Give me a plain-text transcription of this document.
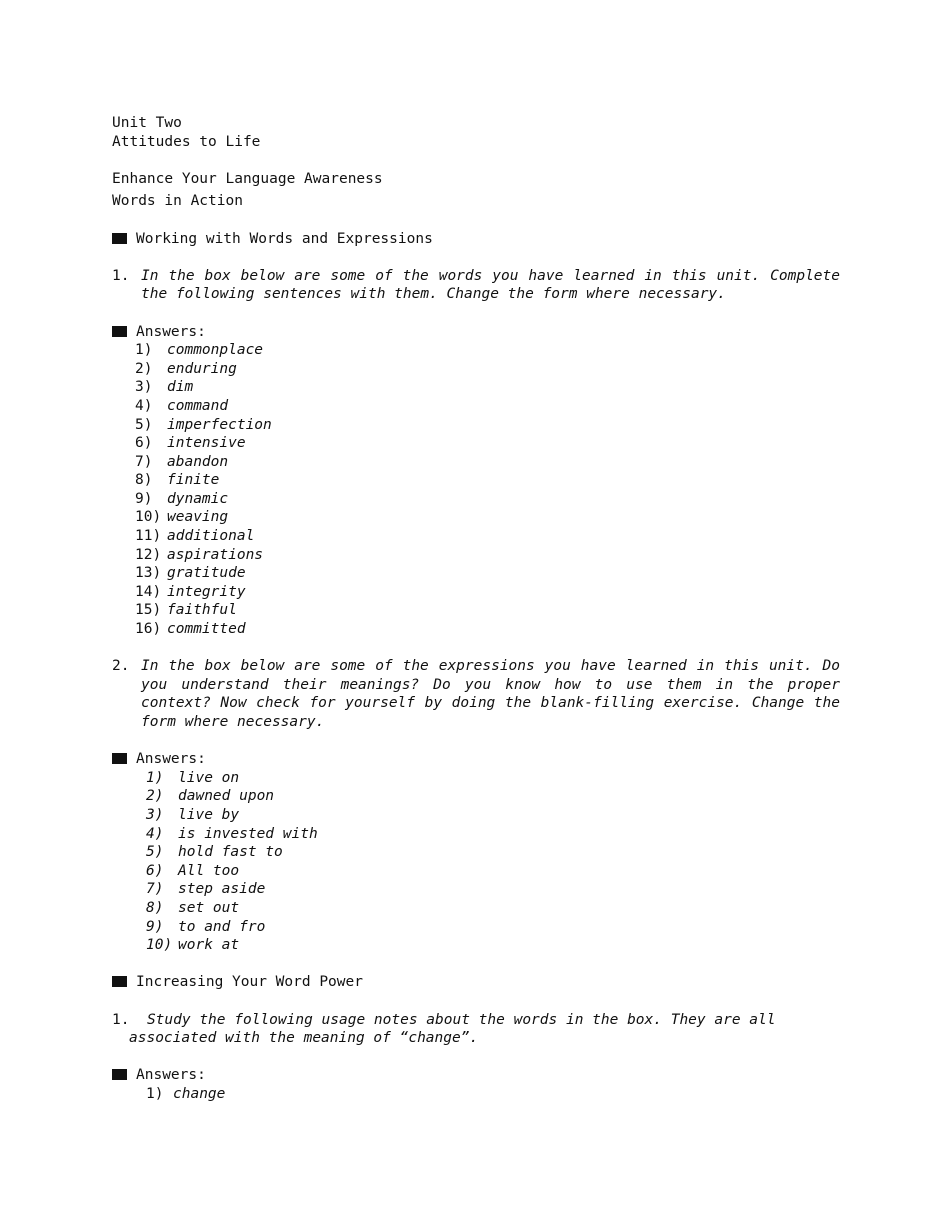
Unit Two
Attitudes to Life
Enhance Your Language Awareness
Words in Action
Working with Words and Expressions
1. In the box below are some of the words you have learned in this unit. Complete the following sentences with them. Change the form where necessary.
Answers:
1)	commonplace
2)	enduring
3)	dim
4)	command
5)	imperfection
6)	intensive
7)	abandon
8)	finite
9)	dynamic
10) weaving
11) additional
12) aspirations
13) gratitude
14) integrity
15) faithful
16) committed
2. In the box below are some of the expressions you have learned in this unit. Do you understand their meanings? Do you know how to use them in the proper context? Now check for yourself by doing the blank-filling exercise. Change the form where necessary.
Answers:
1)	live on
2)	dawned upon
3)	live by
4)	is invested with
5)	hold fast to
6)	All too
7)	step aside
8)	set out
9)	to and fro
10) work at
Increasing Your Word Power
1. Study the following usage notes about the words in the box. They are all associated with the meaning of “change”.
Answers:
1) change
